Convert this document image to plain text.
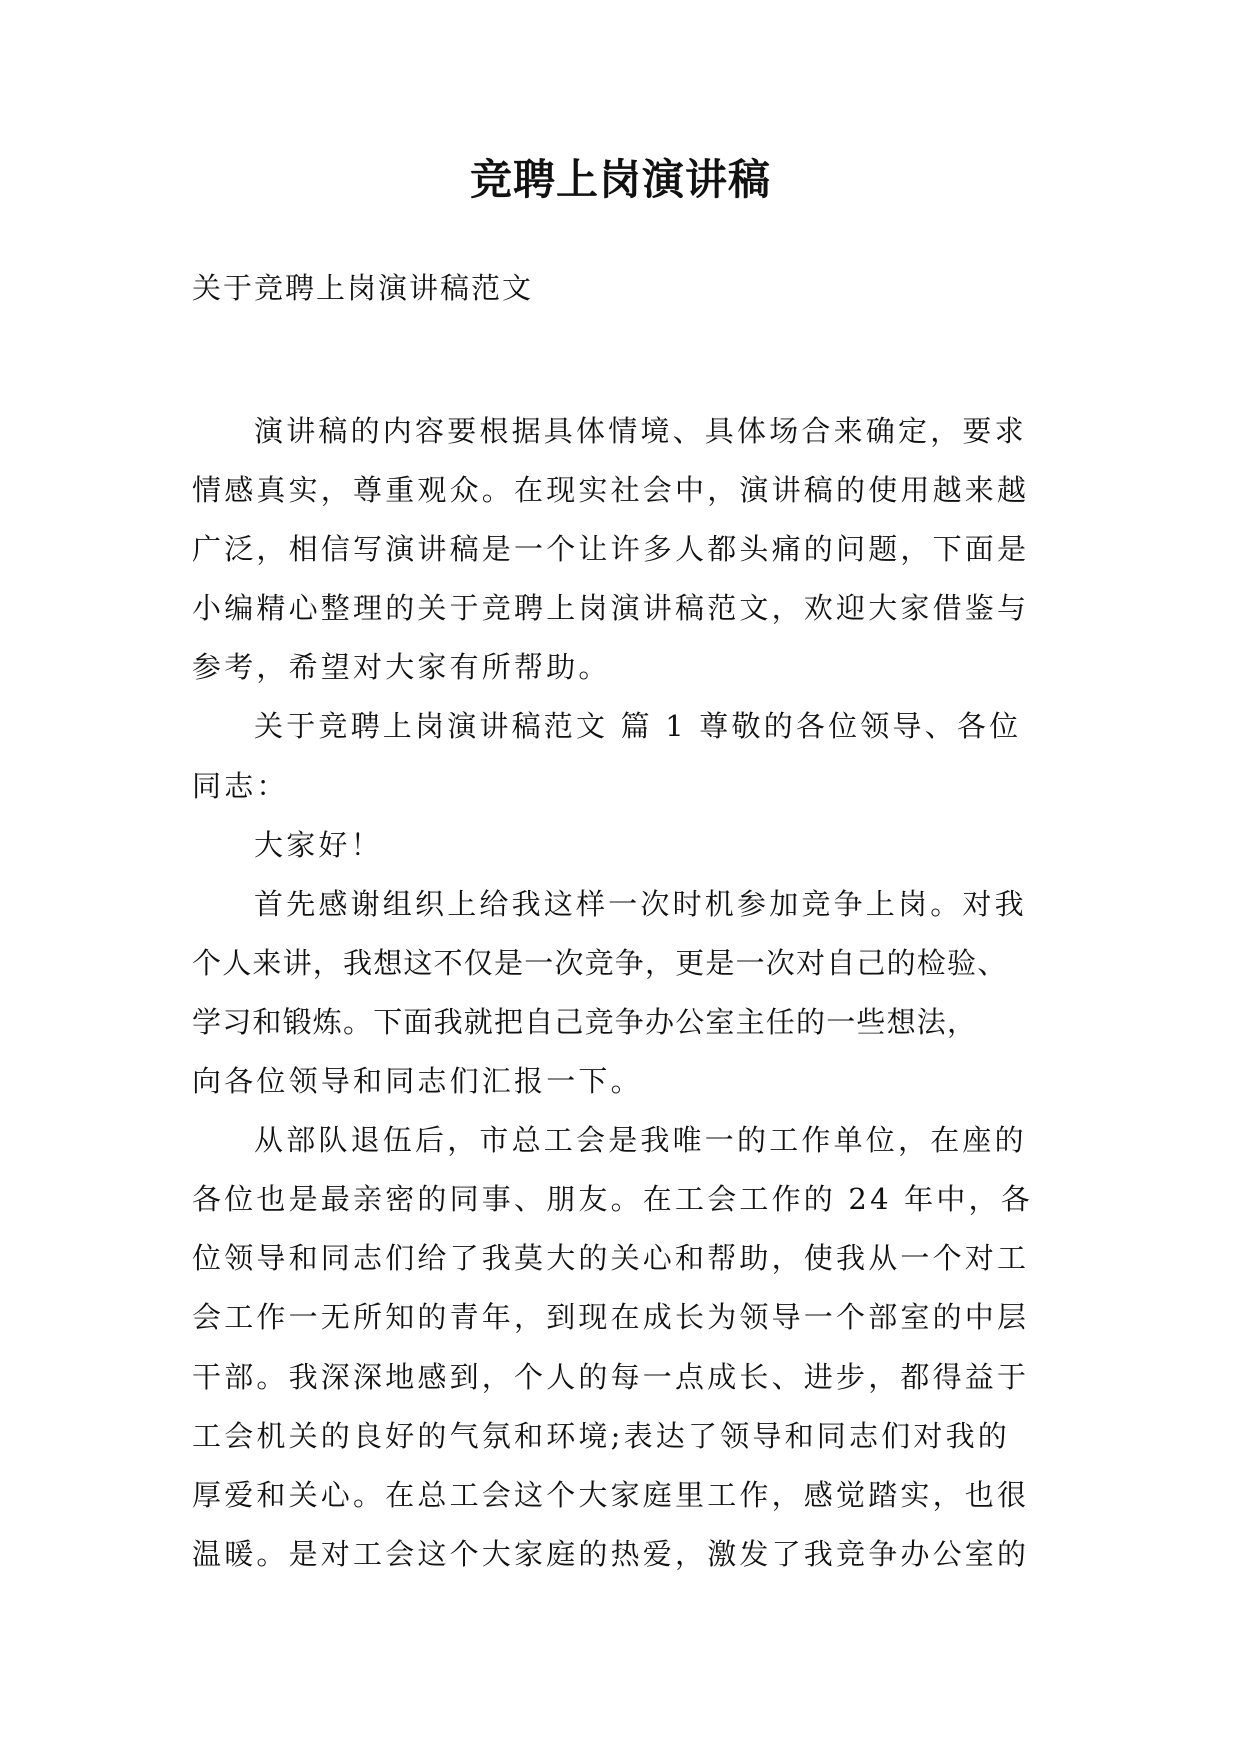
竞聘上岗演讲稿

关于竞聘上岗演讲稿范文

演讲稿的内容要根据具体情境、具体场合来确定，要求
情感真实，尊重观众。在现实社会中，演讲稿的使用越来越
广泛，相信写演讲稿是一个让许多人都头痛的问题，下面是
小编精心整理的关于竞聘上岗演讲稿范文，欢迎大家借鉴与
参考，希望对大家有所帮助。
关于竞聘上岗演讲稿范文 篇 1 尊敬的各位领导、各位
同志：
大家好！
首先感谢组织上给我这样一次时机参加竞争上岗。对我
个人来讲，我想这不仅是一次竞争，更是一次对自己的检验、
学习和锻炼。下面我就把自己竞争办公室主任的一些想法，
向各位领导和同志们汇报一下。
从部队退伍后，市总工会是我唯一的工作单位，在座的
各位也是最亲密的同事、朋友。在工会工作的 24 年中，各
位领导和同志们给了我莫大的关心和帮助，使我从一个对工
会工作一无所知的青年，到现在成长为领导一个部室的中层
干部。我深深地感到，个人的每一点成长、进步，都得益于
工会机关的良好的气氛和环境;表达了领导和同志们对我的
厚爱和关心。在总工会这个大家庭里工作，感觉踏实，也很
温暖。是对工会这个大家庭的热爱，激发了我竞争办公室的
